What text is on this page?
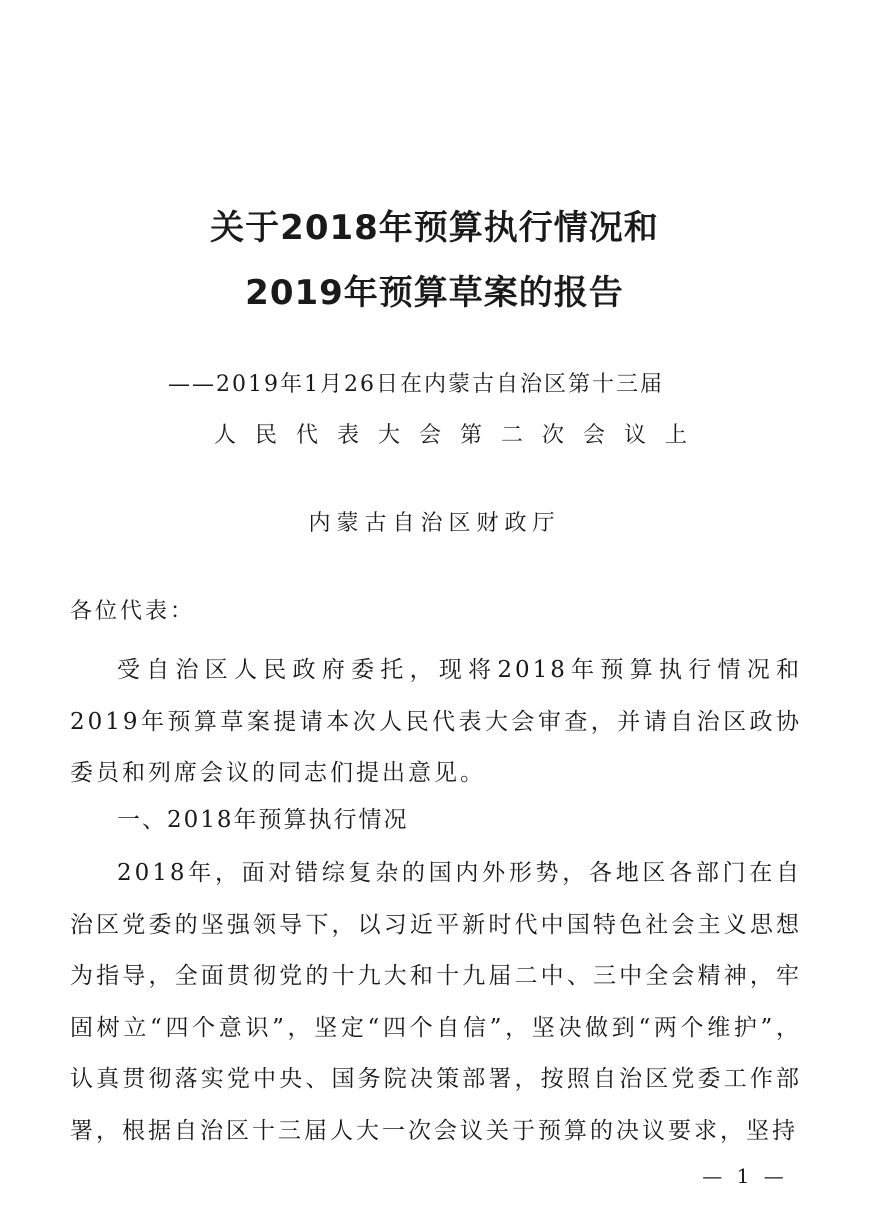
关于2018年预算执行情况和
2019年预算草案的报告

——2019年1月26日在内蒙古自治区第十三届

人民代表大会第二次会议上

内蒙古自治区财政厅

各位代表：

受自治区人民政府委托，现将2018年预算执行情况和2019年预算草案提请本次人民代表大会审查，并请自治区政协委员和列席会议的同志们提出意见。

一、2018年预算执行情况

2018年，面对错综复杂的国内外形势，各地区各部门在自治区党委的坚强领导下，以习近平新时代中国特色社会主义思想为指导，全面贯彻党的十九大和十九届二中、三中全会精神，牢固树立“四个意识”，坚定“四个自信”，坚决做到“两个维护”，认真贯彻落实党中央、国务院决策部署，按照自治区党委工作部署，根据自治区十三届人大一次会议关于预算的决议要求，坚持

— 1 —
